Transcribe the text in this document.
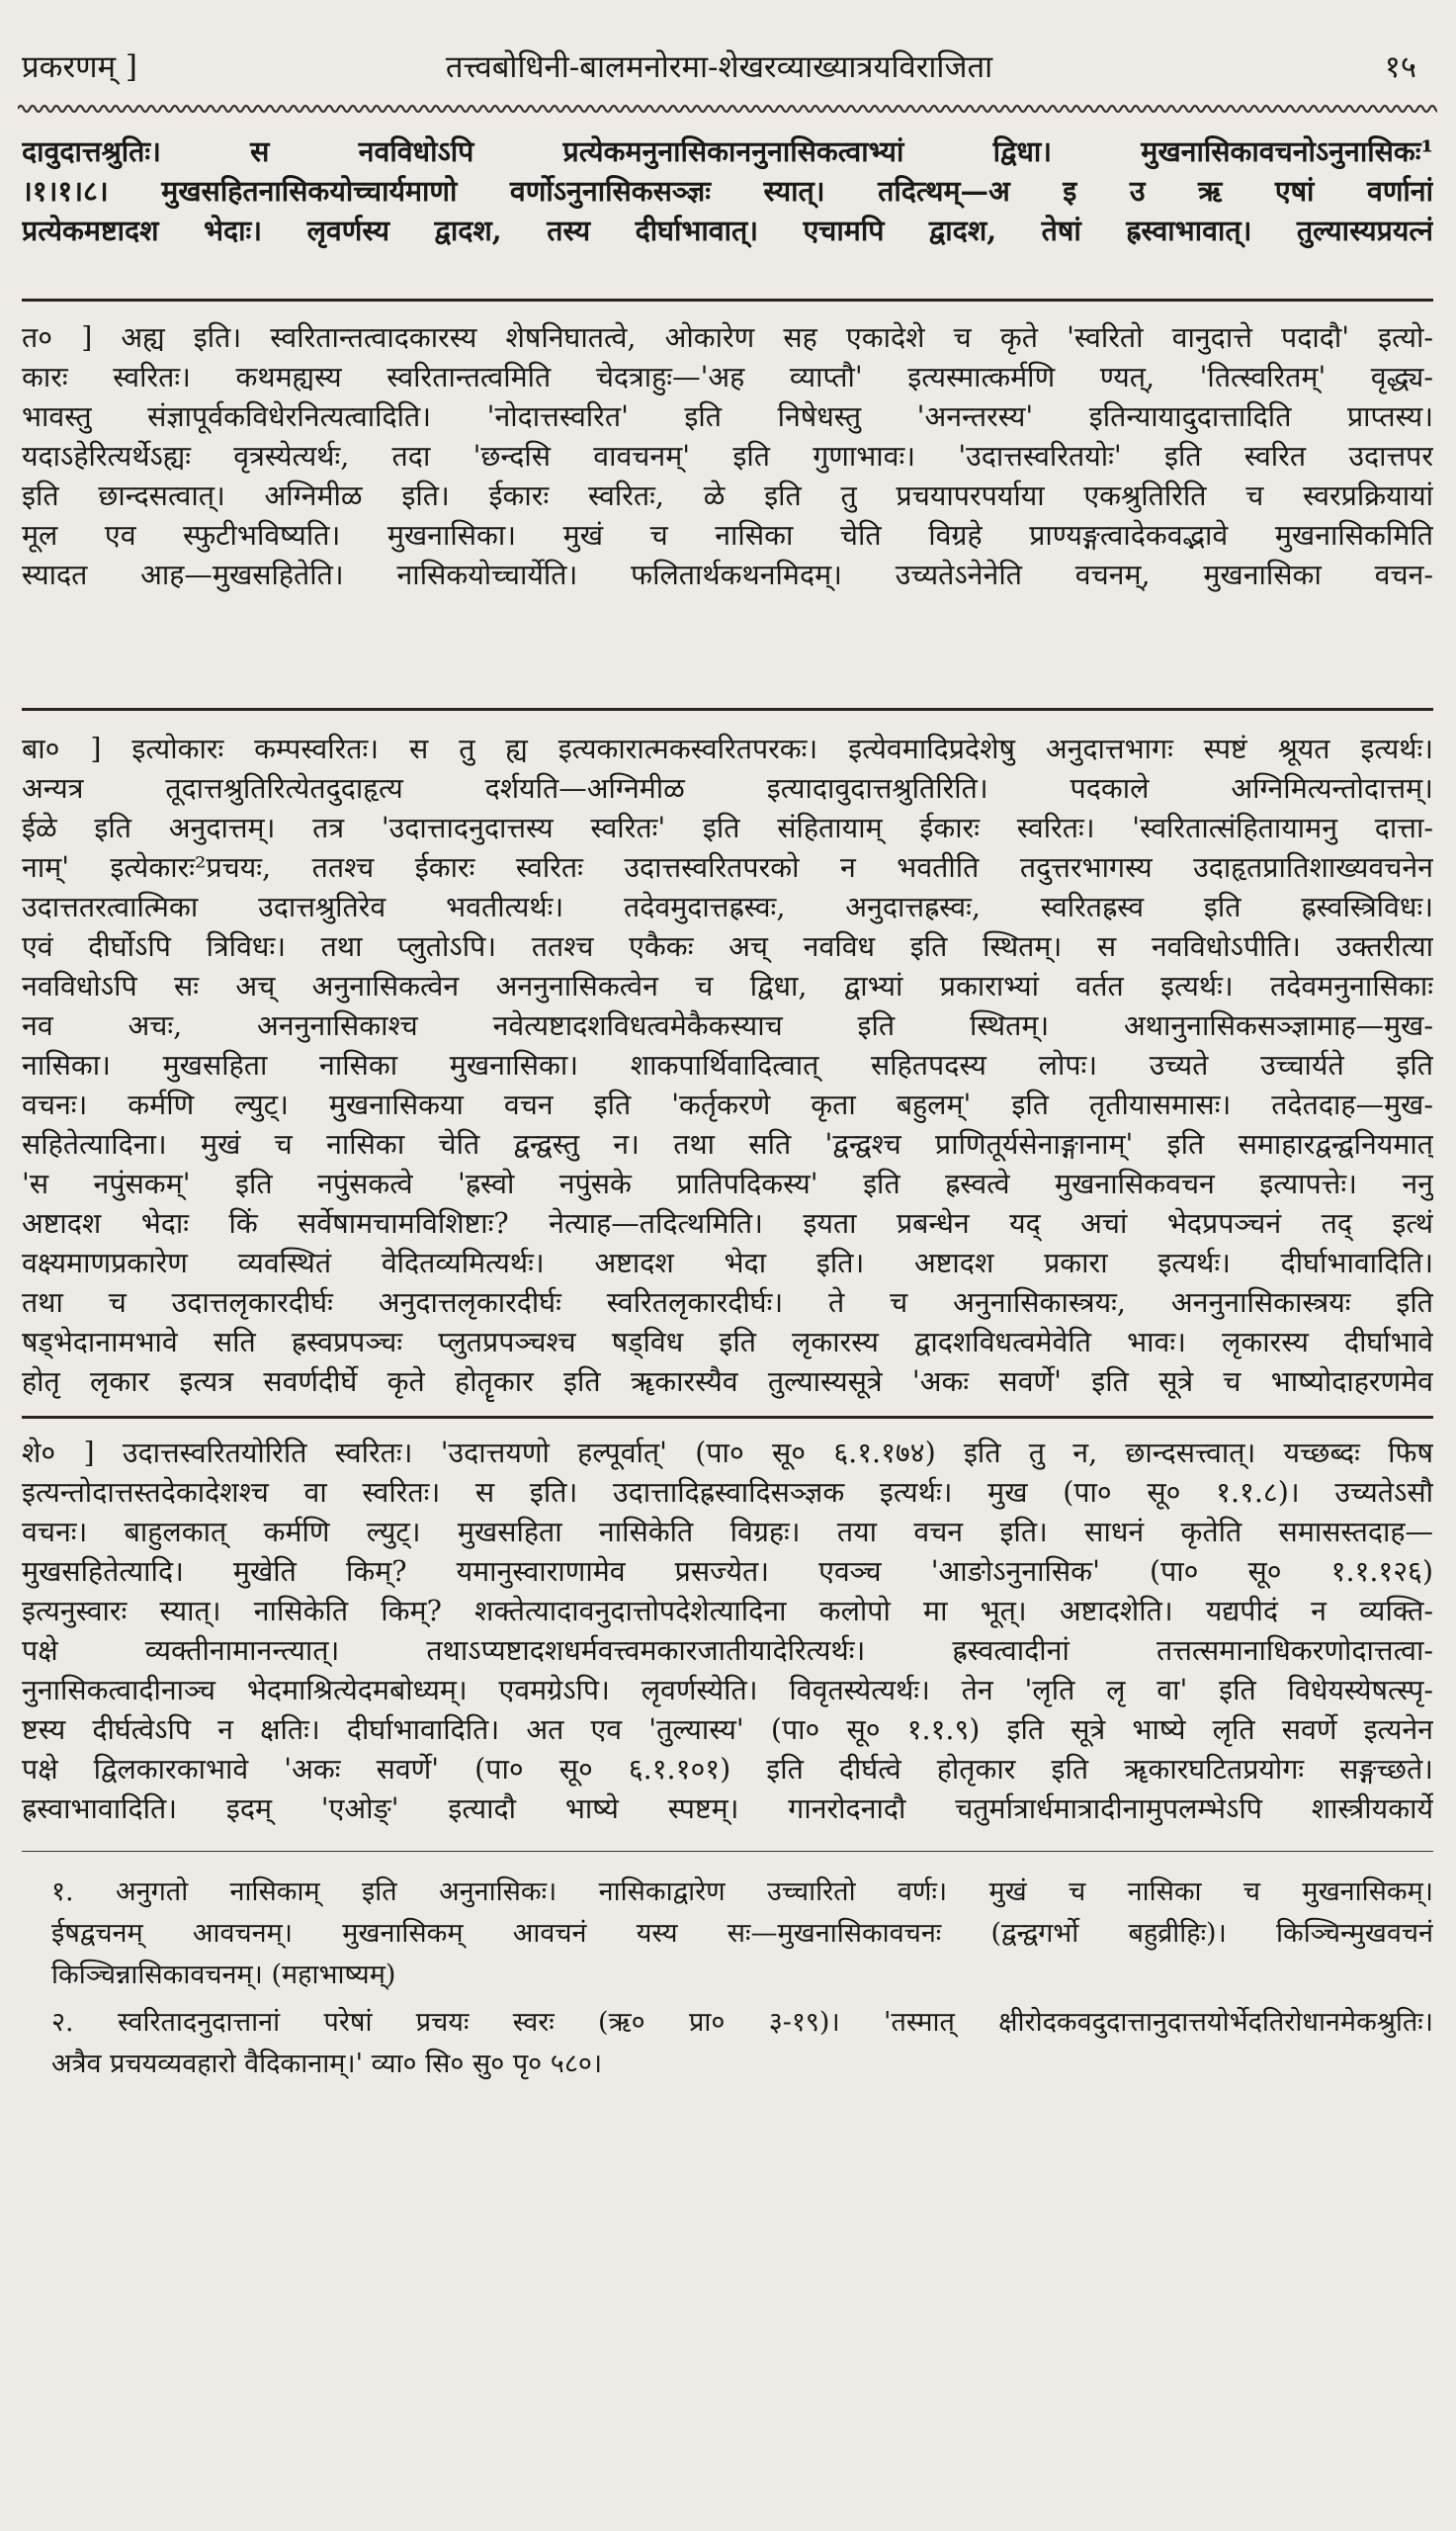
प्रकरणम् ]	तत्त्वबोधिनी-बालमनोरमा-शेखरव्याख्यात्रयविराजिता	१५
दावुदात्तश्रुतिः। स नवविधोऽपि प्रत्येकमनुनासिकाननुनासिकत्वाभ्यां द्विधा। मुखनासिकावचनोऽनुनासिकः¹
।१।१।८। मुखसहितनासिकयोच्चार्यमाणो वर्णोऽनुनासिकसञ्ज्ञः स्यात्। तदित्थम्—अ इ उ ऋ एषां वर्णानां
प्रत्येकमष्टादश भेदाः। लृवर्णस्य द्वादश, तस्य दीर्घाभावात्। एचामपि द्वादश, तेषां ह्रस्वाभावात्। तुल्यास्यप्रयत्नं
त० ] अह्य इति। स्वरितान्तत्वादकारस्य शेषनिघातत्वे, ओकारेण सह एकादेशे च कृते 'स्वरितो वानुदात्ते पदादौ' इत्यो-
कारः स्वरितः। कथमह्यस्य स्वरितान्तत्वमिति चेदत्राहुः—'अह व्याप्तौ' इत्यस्मात्कर्मणि ण्यत्, 'तित्स्वरितम्' वृद्ध्य-
भावस्तु संज्ञापूर्वकविधेरनित्यत्वादिति। 'नोदात्तस्वरित' इति निषेधस्तु 'अनन्तरस्य' इतिन्यायादुदात्तादिति प्राप्तस्य।
यदाऽहेरित्यर्थेऽह्यः वृत्रस्येत्यर्थः, तदा 'छन्दसि वावचनम्' इति गुणाभावः। 'उदात्तस्वरितयोः' इति स्वरित उदात्तपर
इति छान्दसत्वात्। अग्निमीळ इति। ईकारः स्वरितः, ळे इति तु प्रचयापरपर्याया एकश्रुतिरिति च स्वरप्रक्रियायां
मूल एव स्फुटीभविष्यति। मुखनासिका। मुखं च नासिका चेति विग्रहे प्राण्यङ्गत्वादेकवद्भावे मुखनासिकमिति
स्यादत आह—मुखसहितेति। नासिकयोच्चार्येति। फलितार्थकथनमिदम्। उच्यतेऽनेनेति वचनम्, मुखनासिका वचन-
बा० ] इत्योकारः कम्पस्वरितः। स तु ह्य इत्यकारात्मकस्वरितपरकः। इत्येवमादिप्रदेशेषु अनुदात्तभागः स्पष्टं श्रूयत इत्यर्थः।
अन्यत्र तूदात्तश्रुतिरित्येतदुदाहृत्य दर्शयति—अग्निमीळ इत्यादावुदात्तश्रुतिरिति। पदकाले अग्निमित्यन्तोदात्तम्।
ईळे इति अनुदात्तम्। तत्र 'उदात्तादनुदात्तस्य स्वरितः' इति संहितायाम् ईकारः स्वरितः। 'स्वरितात्संहितायामनु दात्ता-
नाम्' इत्येकारः²प्रचयः, ततश्च ईकारः स्वरितः उदात्तस्वरितपरको न भवतीति तदुत्तरभागस्य उदाहृतप्रातिशाख्यवचनेन
उदात्ततरत्वात्मिका उदात्तश्रुतिरेव भवतीत्यर्थः। तदेवमुदात्तह्रस्वः, अनुदात्तह्रस्वः, स्वरितह्रस्व इति ह्रस्वस्त्रिविधः।
एवं दीर्घोऽपि त्रिविधः। तथा प्लुतोऽपि। ततश्च एकैकः अच् नवविध इति स्थितम्। स नवविधोऽपीति। उक्तरीत्या
नवविधोऽपि सः अच् अनुनासिकत्वेन अननुनासिकत्वेन च द्विधा, द्वाभ्यां प्रकाराभ्यां वर्तत इत्यर्थः। तदेवमनुनासिकाः
नव अचः, अननुनासिकाश्च नवेत्यष्टादशविधत्वमेकैकस्याच इति स्थितम्। अथानुनासिकसञ्ज्ञामाह—मुख-
नासिका। मुखसहिता नासिका मुखनासिका। शाकपार्थिवादित्वात् सहितपदस्य लोपः। उच्यते उच्चार्यते इति
वचनः। कर्मणि ल्युट्। मुखनासिकया वचन इति 'कर्तृकरणे कृता बहुलम्' इति तृतीयासमासः। तदेतदाह—मुख-
सहितेत्यादिना। मुखं च नासिका चेति द्वन्द्वस्तु न। तथा सति 'द्वन्द्वश्च प्राणितूर्यसेनाङ्गानाम्' इति समाहारद्वन्द्वनियमात्
'स नपुंसकम्' इति नपुंसकत्वे 'ह्रस्वो नपुंसके प्रातिपदिकस्य' इति ह्रस्वत्वे मुखनासिकवचन इत्यापत्तेः। ननु
अष्टादश भेदाः किं सर्वेषामचामविशिष्टाः? नेत्याह—तदित्थमिति। इयता प्रबन्धेन यद् अचां भेदप्रपञ्चनं तद् इत्थं
वक्ष्यमाणप्रकारेण व्यवस्थितं वेदितव्यमित्यर्थः। अष्टादश भेदा इति। अष्टादश प्रकारा इत्यर्थः। दीर्घाभावादिति।
तथा च उदात्तलृकारदीर्घः अनुदात्तलृकारदीर्घः स्वरितलृकारदीर्घः। ते च अनुनासिकास्त्रयः, अननुनासिकास्त्रयः इति
षड्भेदानामभावे सति ह्रस्वप्रपञ्चः प्लुतप्रपञ्चश्च षड्विध इति लृकारस्य द्वादशविधत्वमेवेति भावः। लृकारस्य दीर्घाभावे
होतृ लृकार इत्यत्र सवर्णदीर्घे कृते होतॄकार इति ॠकारस्यैव तुल्यास्यसूत्रे 'अकः सवर्णे' इति सूत्रे च भाष्योदाहरणमेव
शे० ] उदात्तस्वरितयोरिति स्वरितः। 'उदात्तयणो हल्पूर्वात्' (पा० सू० ६.१.१७४) इति तु न, छान्दसत्त्वात्। यच्छब्दः फिष
इत्यन्तोदात्तस्तदेकादेशश्च वा स्वरितः। स इति। उदात्तादिह्रस्वादिसञ्ज्ञक इत्यर्थः। मुख (पा० सू० १.१.८)। उच्यतेऽसौ
वचनः। बाहुलकात् कर्मणि ल्युट्। मुखसहिता नासिकेति विग्रहः। तया वचन इति। साधनं कृतेति समासस्तदाह—
मुखसहितेत्यादि। मुखेति किम्? यमानुस्वाराणामेव प्रसज्येत। एवञ्च 'आङोऽनुनासिक' (पा० सू० १.१.१२६)
इत्यनुस्वारः स्यात्। नासिकेति किम्? शक्तेत्यादावनुदात्तोपदेशेत्यादिना कलोपो मा भूत्। अष्टादशेति। यद्यपीदं न व्यक्ति-
पक्षे व्यक्तीनामानन्त्यात्। तथाऽप्यष्टादशधर्मवत्त्वमकारजातीयादेरित्यर्थः। ह्रस्वत्वादीनां तत्तत्समानाधिकरणोदात्तत्वा-
नुनासिकत्वादीनाञ्च भेदमाश्रित्येदमबोध्यम्। एवमग्रेऽपि। लृवर्णस्येति। विवृतस्येत्यर्थः। तेन 'लृति लृ वा' इति विधेयस्येषत्स्पृ-
ष्टस्य दीर्घत्वेऽपि न क्षतिः। दीर्घाभावादिति। अत एव 'तुल्यास्य' (पा० सू० १.१.९) इति सूत्रे भाष्ये लृति सवर्णे इत्यनेन
पक्षे द्विलकारकाभावे 'अकः सवर्णे' (पा० सू० ६.१.१०१) इति दीर्घत्वे होतृकार इति ॠकारघटितप्रयोगः सङ्गच्छते।
ह्रस्वाभावादिति। इदम् 'एओङ्' इत्यादौ भाष्ये स्पष्टम्। गानरोदनादौ चतुर्मात्रार्धमात्रादीनामुपलम्भेऽपि शास्त्रीयकार्ये
१. अनुगतो नासिकाम् इति अनुनासिकः। नासिकाद्वारेण उच्चारितो वर्णः। मुखं च नासिका च मुखनासिकम्।
ईषद्वचनम् आवचनम्। मुखनासिकम् आवचनं यस्य सः—मुखनासिकावचनः (द्वन्द्वगर्भो बहुव्रीहिः)। किञ्चिन्मुखवचनं
किञ्चिन्नासिकावचनम्। (महाभाष्यम्)
२. स्वरितादनुदात्तानां परेषां प्रचयः स्वरः (ऋ० प्रा० ३-१९)। 'तस्मात् क्षीरोदकवदुदात्तानुदात्तयोर्भेदतिरोधानमेकश्रुतिः।
अत्रैव प्रचयव्यवहारो वैदिकानाम्।' व्या० सि० सु० पृ० ५८०।
